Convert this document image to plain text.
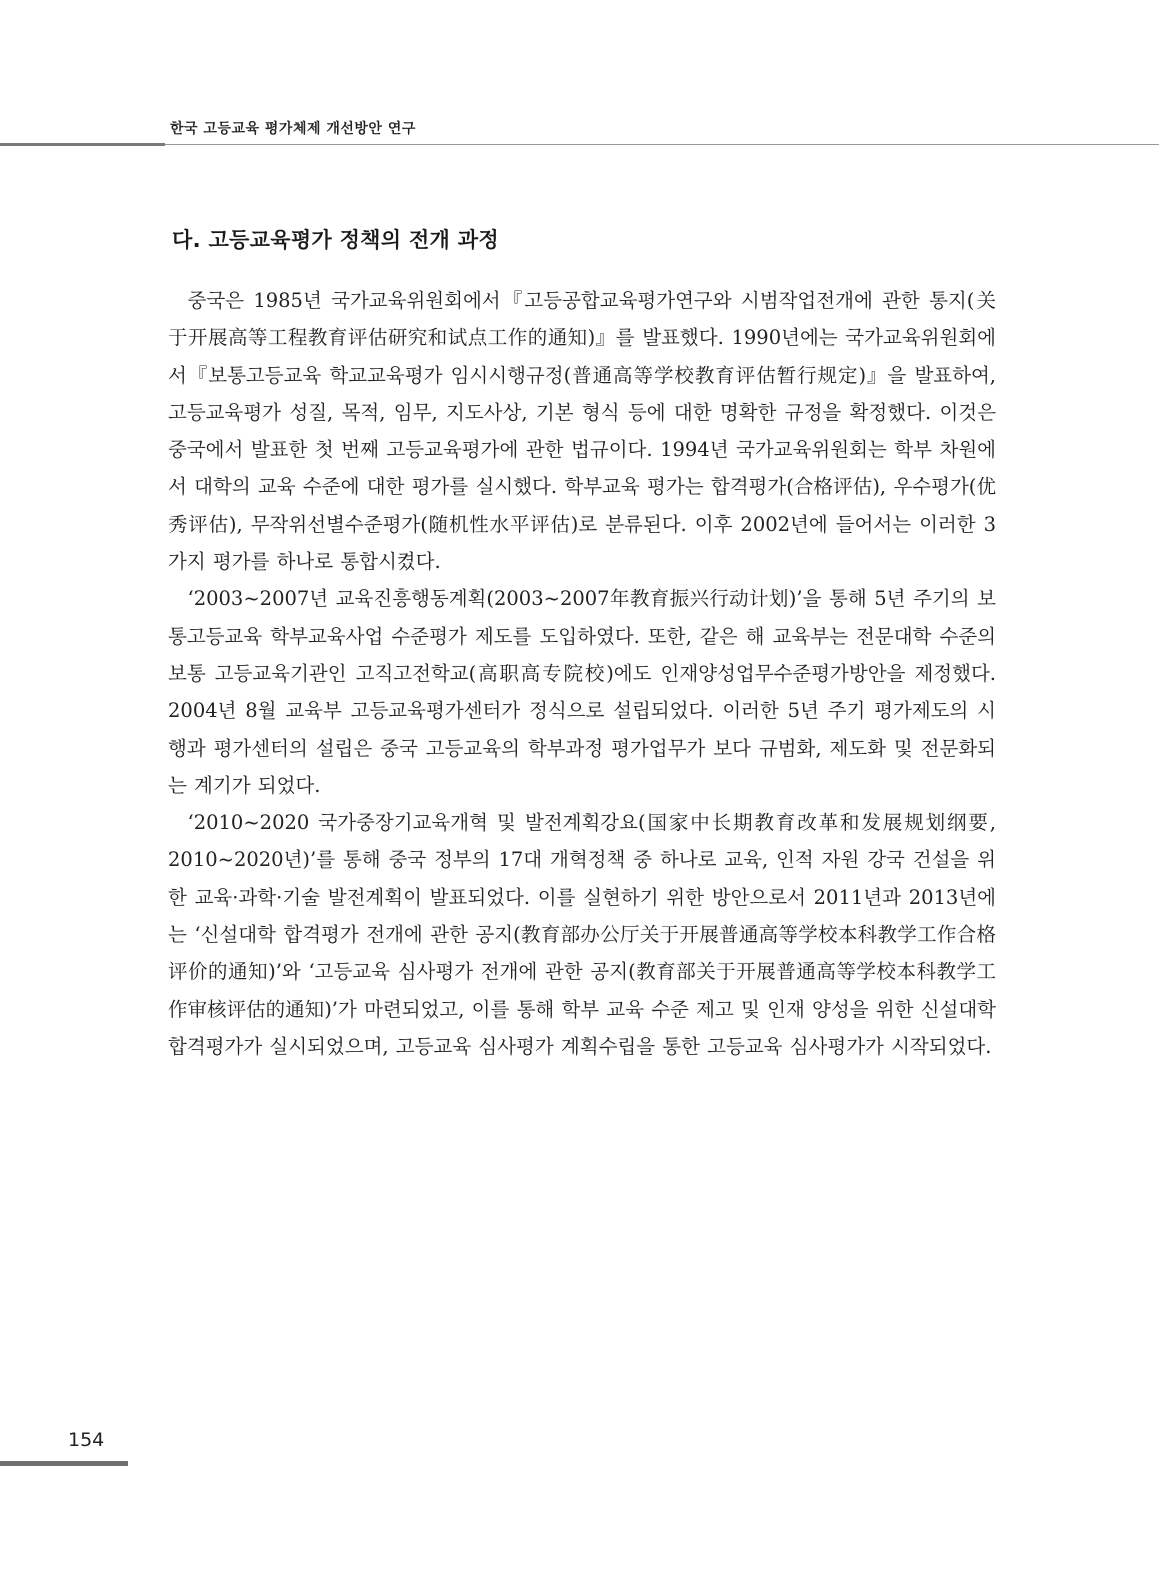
한국 고등교육 평가체제 개선방안 연구
다. 고등교육평가 정책의 전개 과정

중국은 1985년 국가교육위원회에서『고등공합교육평가연구와 시범작업전개에 관한 통지(关于开展高等工程教育评估研究和试点工作的通知)』를 발표했다. 1990년에는 국가교육위원회에서『보통고등교육 학교교육평가 임시시행규정(普通高等学校教育评估暂行规定)』을 발표하여, 고등교육평가 성질, 목적, 임무, 지도사상, 기본 형식 등에 대한 명확한 규정을 확정했다. 이것은 중국에서 발표한 첫 번째 고등교육평가에 관한 법규이다. 1994년 국가교육위원회는 학부 차원에서 대학의 교육 수준에 대한 평가를 실시했다. 학부교육 평가는 합격평가(合格评估), 우수평가(优秀评估), 무작위선별수준평가(随机性水平评估)로 분류된다. 이후 2002년에 들어서는 이러한 3가지 평가를 하나로 통합시켰다.

‘2003~2007년 교육진흥행동계획(2003~2007年教育振兴行动计划)’을 통해 5년 주기의 보통고등교육 학부교육사업 수준평가 제도를 도입하였다. 또한, 같은 해 교육부는 전문대학 수준의 보통 고등교육기관인 고직고전학교(高职高专院校)에도 인재양성업무수준평가방안을 제정했다. 2004년 8월 교육부 고등교육평가센터가 정식으로 설립되었다. 이러한 5년 주기 평가제도의 시행과 평가센터의 설립은 중국 고등교육의 학부과정 평가업무가 보다 규범화, 제도화 및 전문화되는 계기가 되었다.

‘2010~2020 국가중장기교육개혁 및 발전계획강요(国家中长期教育改革和发展规划纲要, 2010~2020년)’를 통해 중국 정부의 17대 개혁정책 중 하나로 교육, 인적 자원 강국 건설을 위한 교육·과학·기술 발전계획이 발표되었다. 이를 실현하기 위한 방안으로서 2011년과 2013년에는 ‘신설대학 합격평가 전개에 관한 공지(教育部办公厅关于开展普通高等学校本科教学工作合格评价的通知)’와 ‘고등교육 심사평가 전개에 관한 공지(教育部关于开展普通高等学校本科教学工作审核评估的通知)’가 마련되었고, 이를 통해 학부 교육 수준 제고 및 인재 양성을 위한 신설대학 합격평가가 실시되었으며, 고등교육 심사평가 계획수립을 통한 고등교육 심사평가가 시작되었다.

154
